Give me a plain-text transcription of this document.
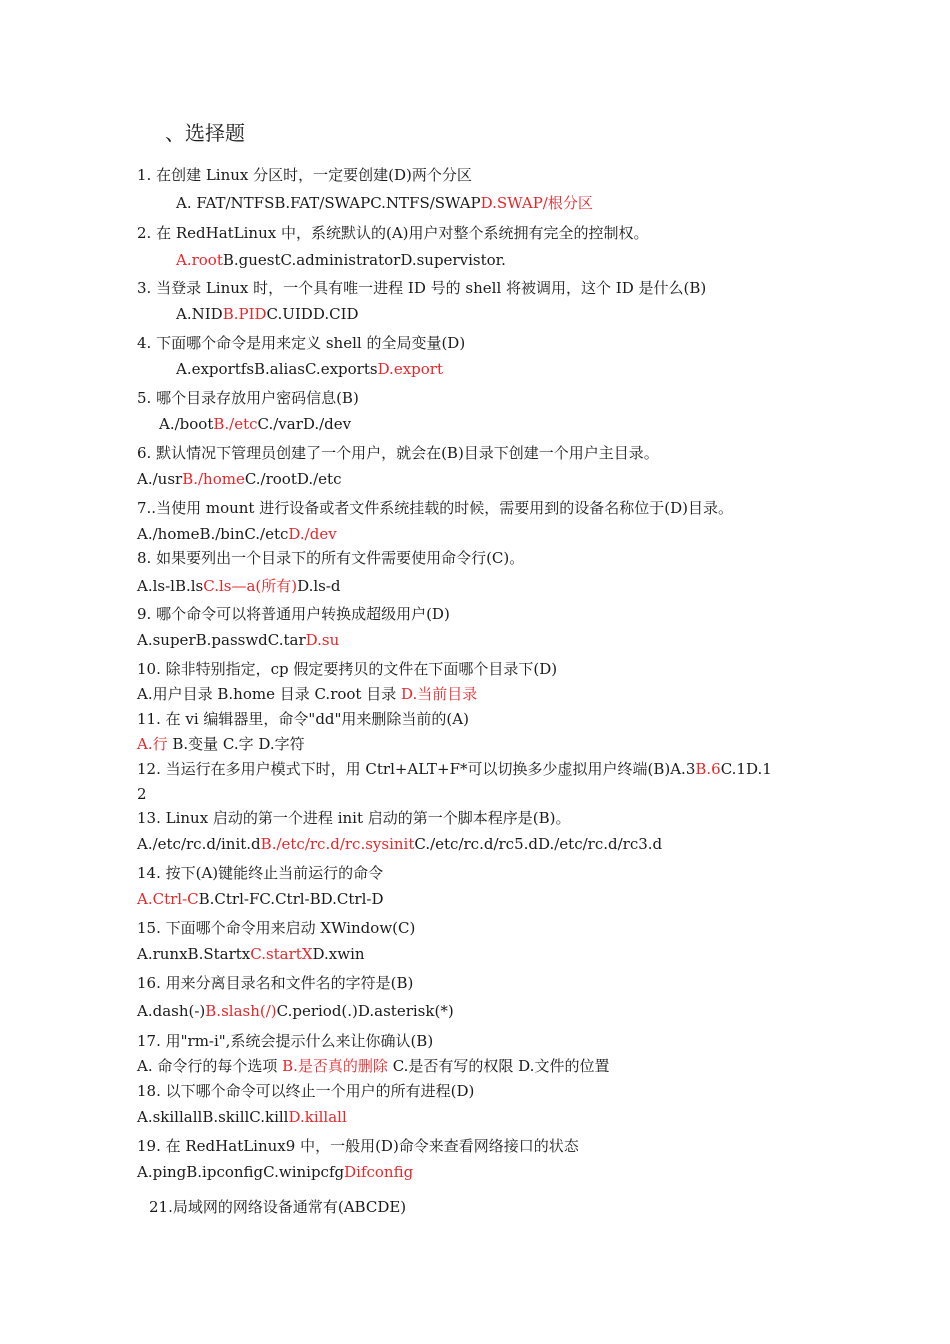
、选择题
1. 在创建 Linux 分区时，一定要创建(D)两个分区
A. FAT/NTFSB.FAT/SWAPC.NTFS/SWAPD.SWAP/根分区
2. 在 RedHatLinux 中，系统默认的(A)用户对整个系统拥有完全的控制权。
A.rootB.guestC.administratorD.supervistor.
3. 当登录 Linux 时，一个具有唯一进程 ID 号的 shell 将被调用，这个 ID 是什么(B)
A.NIDB.PIDC.UIDD.CID
4. 下面哪个命令是用来定义 shell 的全局变量(D)
A.exportfsB.aliasC.exportsD.export
5. 哪个目录存放用户密码信息(B)
A./bootB./etcC./varD./dev
6. 默认情况下管理员创建了一个用户，就会在(B)目录下创建一个用户主目录。
A./usrB./homeC./rootD./etc
7..当使用 mount 进行设备或者文件系统挂载的时候，需要用到的设备名称位于(D)目录。
A./homeB./binC./etcD./dev
8. 如果要列出一个目录下的所有文件需要使用命令行(C)。
A.ls-lB.lsC.ls—a(所有)D.ls-d
9. 哪个命令可以将普通用户转换成超级用户(D)
A.superB.passwdC.tarD.su
10. 除非特别指定，cp 假定要拷贝的文件在下面哪个目录下(D)
A.用户目录 B.home 目录 C.root 目录 D.当前目录
11. 在 vi 编辑器里，命令"dd"用来删除当前的(A)
A.行 B.变量 C.字 D.字符
12. 当运行在多用户模式下时，用 Ctrl+ALT+F*可以切换多少虚拟用户终端(B)A.3B.6C.1D.1
2
13. Linux 启动的第一个进程 init 启动的第一个脚本程序是(B)。
A./etc/rc.d/init.dB./etc/rc.d/rc.sysinitC./etc/rc.d/rc5.dD./etc/rc.d/rc3.d
14. 按下(A)键能终止当前运行的命令
A.Ctrl-CB.Ctrl-FC.Ctrl-BD.Ctrl-D
15. 下面哪个命令用来启动 XWindow(C)
A.runxB.StartxC.startXD.xwin
16. 用来分离目录名和文件名的字符是(B)
A.dash(-)B.slash(/)C.period(.)D.asterisk(*)
17. 用"rm-i",系统会提示什么来让你确认(B)
A. 命令行的每个选项 B.是否真的删除 C.是否有写的权限 D.文件的位置
18. 以下哪个命令可以终止一个用户的所有进程(D)
A.skillallB.skillC.killD.killall
19. 在 RedHatLinux9 中，一般用(D)命令来查看网络接口的状态
A.pingB.ipconfigC.winipcfgDifconfig
21.局域网的网络设备通常有(ABCDE)
